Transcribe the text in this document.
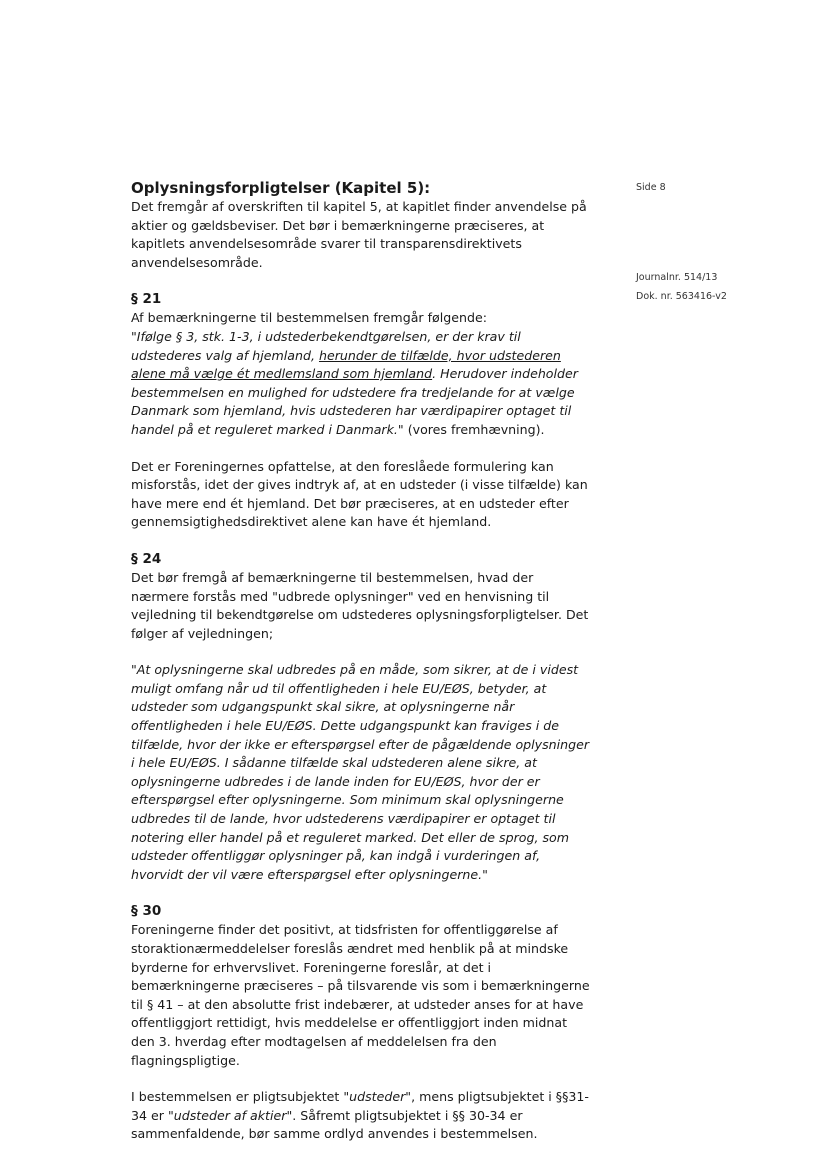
Side 8
Journalnr. 514/13
Dok. nr. 563416-v2

Oplysningsforpligtelser (Kapitel 5):

Det fremgår af overskriften til kapitel 5, at kapitlet finder anvendelse på aktier og gældsbeviser. Det bør i bemærkningerne præciseres, at kapitlets anvendelsesområde svarer til transparensdirektivets anvendelsesområde.

§ 21

Af bemærkningerne til bestemmelsen fremgår følgende:

"Ifølge § 3, stk. 1-3, i udstederbekendtgørelsen, er der krav til udstederes valg af hjemland, herunder de tilfælde, hvor udstederen alene må vælge ét medlemsland som hjemland. Herudover indeholder bestemmelsen en mulighed for udstedere fra tredjelande for at vælge Danmark som hjemland, hvis udstederen har værdipapirer optaget til handel på et reguleret marked i Danmark." (vores fremhævning).

Det er Foreningernes opfattelse, at den foreslåede formulering kan misforstås, idet der gives indtryk af, at en udsteder (i visse tilfælde) kan have mere end ét hjemland. Det bør præciseres, at en udsteder efter gennemsigtighedsdirektivet alene kan have ét hjemland.

§ 24

Det bør fremgå af bemærkningerne til bestemmelsen, hvad der nærmere forstås med "udbrede oplysninger" ved en henvisning til vejledning til bekendtgørelse om udstederes oplysningsforpligtelser. Det følger af vejledningen;

"At oplysningerne skal udbredes på en måde, som sikrer, at de i videst muligt omfang når ud til offentligheden i hele EU/EØS, betyder, at udsteder som udgangspunkt skal sikre, at oplysningerne når offentligheden i hele EU/EØS. Dette udgangspunkt kan fraviges i de tilfælde, hvor der ikke er efterspørgsel efter de pågældende oplysninger i hele EU/EØS. I sådanne tilfælde skal udstederen alene sikre, at oplysningerne udbredes i de lande inden for EU/EØS, hvor der er efterspørgsel efter oplysningerne. Som minimum skal oplysningerne udbredes til de lande, hvor udstederens værdipapirer er optaget til notering eller handel på et reguleret marked. Det eller de sprog, som udsteder offentliggør oplysninger på, kan indgå i vurderingen af, hvorvidt der vil være efterspørgsel efter oplysningerne."

§ 30

Foreningerne finder det positivt, at tidsfristen for offentliggørelse af storaktionærmeddelelser foreslås ændret med henblik på at mindske byrderne for erhvervslivet. Foreningerne foreslår, at det i bemærkningerne præciseres – på tilsvarende vis som i bemærkningerne til § 41 – at den absolutte frist indebærer, at udsteder anses for at have offentliggjort rettidigt, hvis meddelelse er offentliggjort inden midnat den 3. hverdag efter modtagelsen af meddelelsen fra den flagningspligtige.

I bestemmelsen er pligtsubjektet "udsteder", mens pligtsubjektet i §§31-34 er "udsteder af aktier". Såfremt pligtsubjektet i §§ 30-34 er sammenfaldende, bør samme ordlyd anvendes i bestemmelsen.
